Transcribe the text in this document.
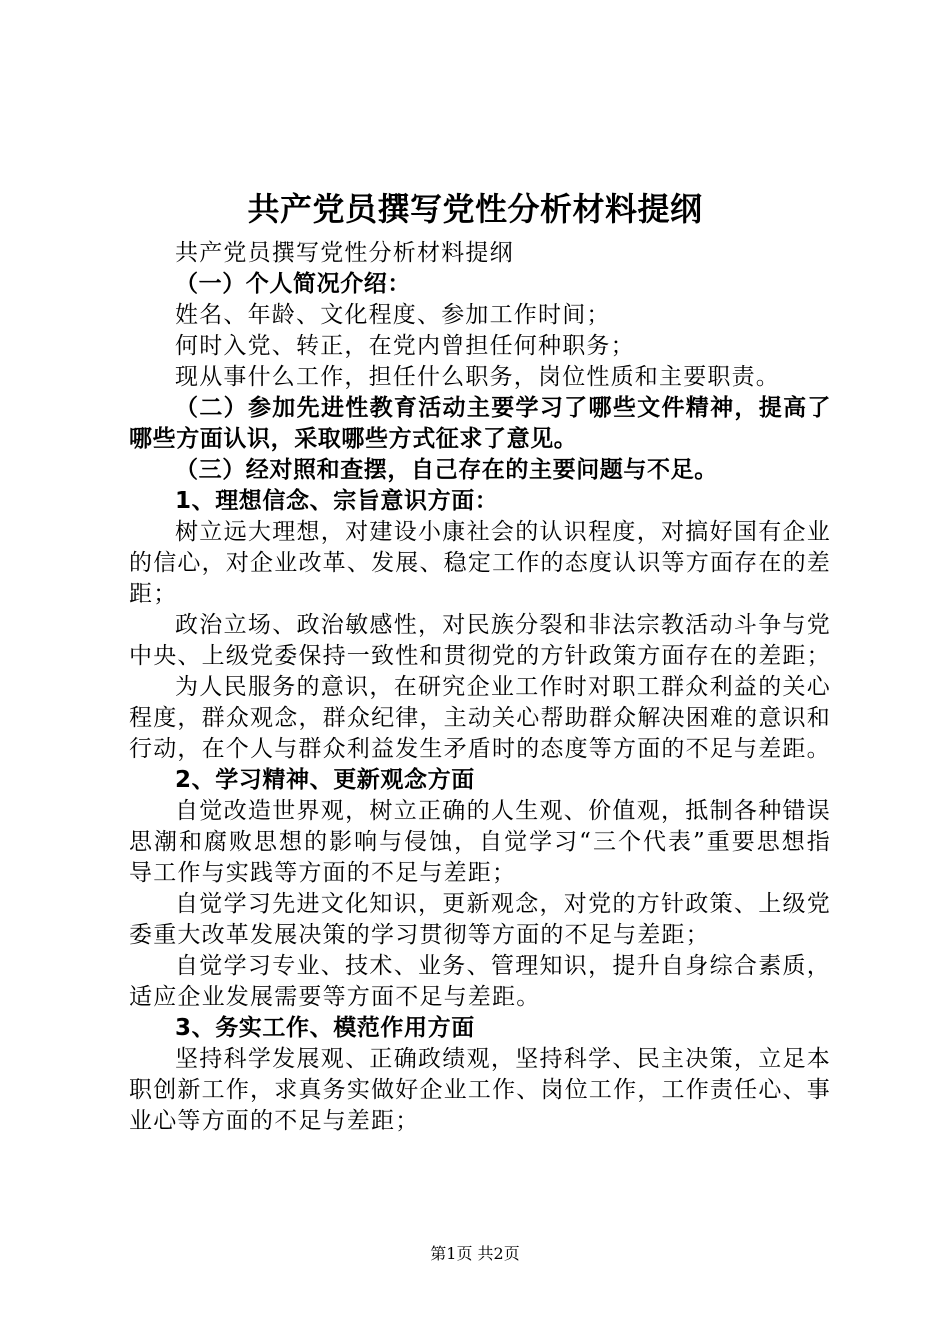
共产党员撰写党性分析材料提纲

共产党员撰写党性分析材料提纲

（一）个人简况介绍：

姓名、年龄、文化程度、参加工作时间；

何时入党、转正，在党内曾担任何种职务；

现从事什么工作，担任什么职务，岗位性质和主要职责。

（二）参加先进性教育活动主要学习了哪些文件精神，提高了哪些方面认识，采取哪些方式征求了意见。

（三）经对照和查摆，自己存在的主要问题与不足。

1、理想信念、宗旨意识方面：

树立远大理想，对建设小康社会的认识程度，对搞好国有企业的信心，对企业改革、发展、稳定工作的态度认识等方面存在的差距；

政治立场、政治敏感性，对民族分裂和非法宗教活动斗争与党中央、上级党委保持一致性和贯彻党的方针政策方面存在的差距；

为人民服务的意识，在研究企业工作时对职工群众利益的关心程度，群众观念，群众纪律，主动关心帮助群众解决困难的意识和行动，在个人与群众利益发生矛盾时的态度等方面的不足与差距。

2、学习精神、更新观念方面

自觉改造世界观，树立正确的人生观、价值观，抵制各种错误思潮和腐败思想的影响与侵蚀，自觉学习“三个代表”重要思想指导工作与实践等方面的不足与差距；

自觉学习先进文化知识，更新观念，对党的方针政策、上级党委重大改革发展决策的学习贯彻等方面的不足与差距；

自觉学习专业、技术、业务、管理知识，提升自身综合素质，适应企业发展需要等方面不足与差距。

3、务实工作、模范作用方面

坚持科学发展观、正确政绩观，坚持科学、民主决策，立足本职创新工作，求真务实做好企业工作、岗位工作，工作责任心、事业心等方面的不足与差距；

第1页 共2页
